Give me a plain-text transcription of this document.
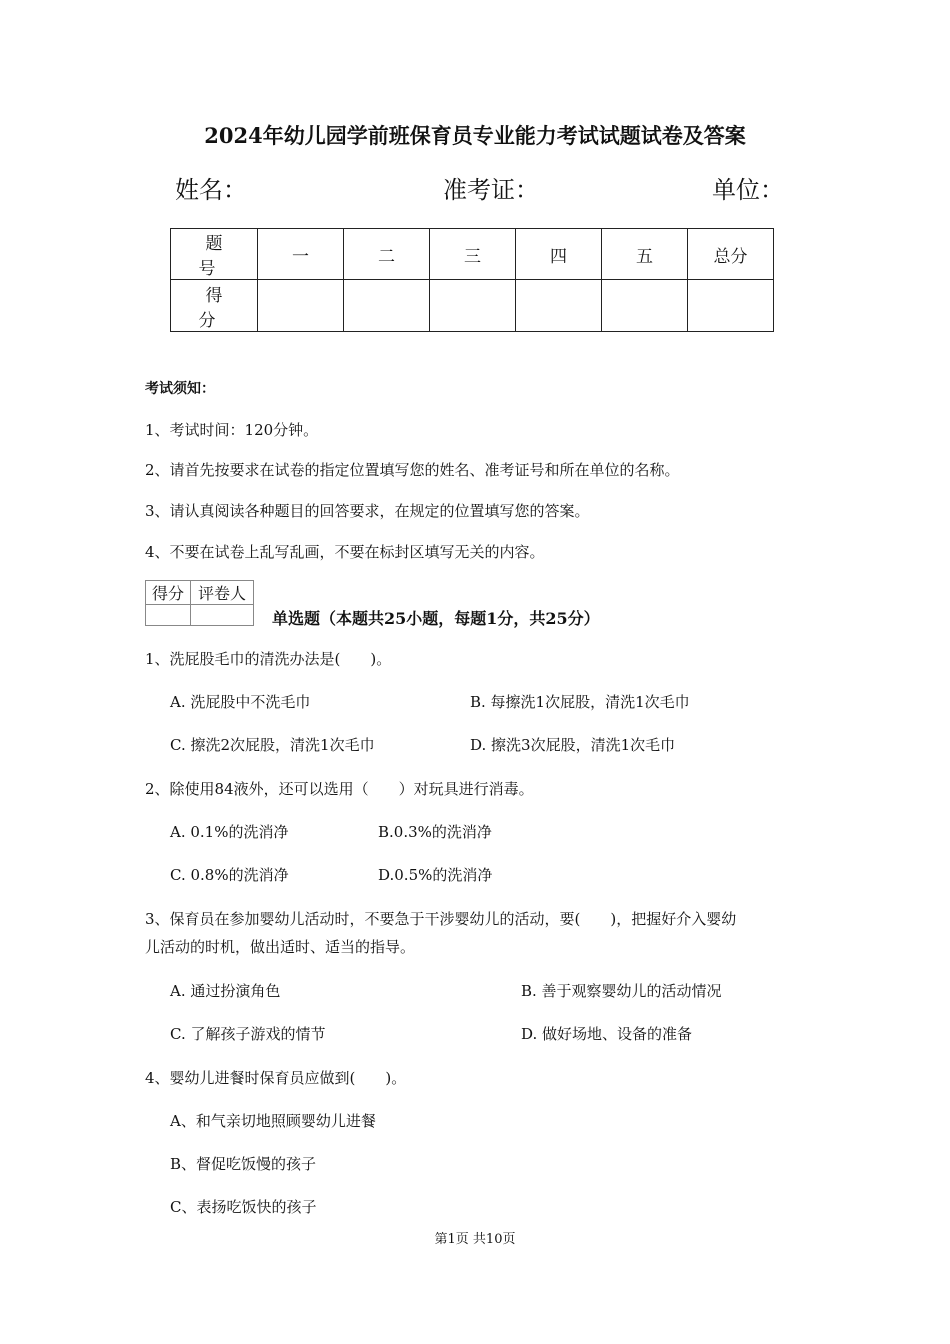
2024年幼儿园学前班保育员专业能力考试试题试卷及答案
姓名：	准考证：	单位：
题　号	一	二	三	四	五	总分
得　分						
考试须知：
1、考试时间：120分钟。
2、请首先按要求在试卷的指定位置填写您的姓名、准考证号和所在单位的名称。
3、请认真阅读各种题目的回答要求，在规定的位置填写您的答案。
4、不要在试卷上乱写乱画，不要在标封区填写无关的内容。
得分	评卷人

单选题（本题共25小题，每题1分，共25分）
1、洗屁股毛巾的清洗办法是(　　)。
A. 洗屁股中不洗毛巾	B. 每擦洗1次屁股，清洗1次毛巾
C. 擦洗2次屁股，清洗1次毛巾	D. 擦洗3次屁股，清洗1次毛巾
2、除使用84液外，还可以选用（　　）对玩具进行消毒。
A. 0.1%的洗消净	B.0.3%的洗消净
C. 0.8%的洗消净	D.0.5%的洗消净
3、保育员在参加婴幼儿活动时，不要急于干涉婴幼儿的活动，要(　　)，把握好介入婴幼
儿活动的时机，做出适时、适当的指导。
A. 通过扮演角色	B. 善于观察婴幼儿的活动情况
C. 了解孩子游戏的情节	D. 做好场地、设备的准备
4、婴幼儿进餐时保育员应做到(　　)。
A、和气亲切地照顾婴幼儿进餐
B、督促吃饭慢的孩子
C、表扬吃饭快的孩子
第1页 共10页
